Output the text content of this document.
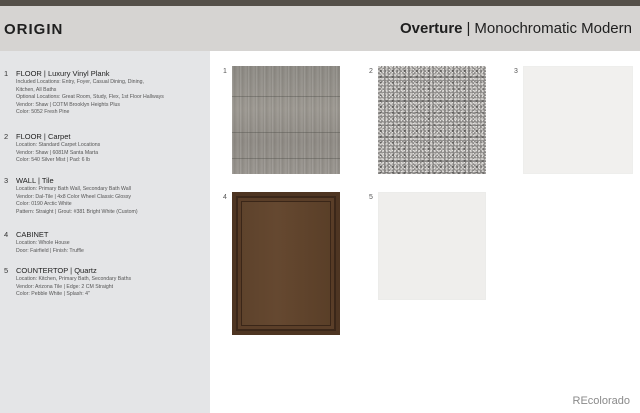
ORIGIN	Overture | Monochromatic Modern
1 FLOOR | Luxury Vinyl Plank
Included Locations: Entry, Foyer, Casual Dining, Dining,
Kitchen, All Baths
Optional Locations: Great Room, Study, Flex, 1st Floor Hallways
Vendor: Shaw | COTM Brooklyn Heights Plus
Color: 5052 Fresh Pine
2 FLOOR | Carpet
Location: Standard Carpet Locations
Vendor: Shaw | 6081M Santa Marta
Color: 540 Silver Mist | Pad: 6 lb
3 WALL | Tile
Location: Primary Bath Wall, Secondary Bath Wall
Vendor: Dal-Tile | 4x8 Color Wheel Classic Glossy
Color: 0190 Arctic White
Pattern: Straight | Grout: #381 Bright White (Custom)
4 CABINET
Location: Whole House
Door: Fairfield | Finish: Truffle
5 COUNTERTOP | Quartz
Location: Kitchen, Primary Bath, Secondary Baths
Vendor: Arizona Tile | Edge: 2 CM Straight
Color: Pebble White | Splash: 4"
1	2	3
4	5
REcolorado
